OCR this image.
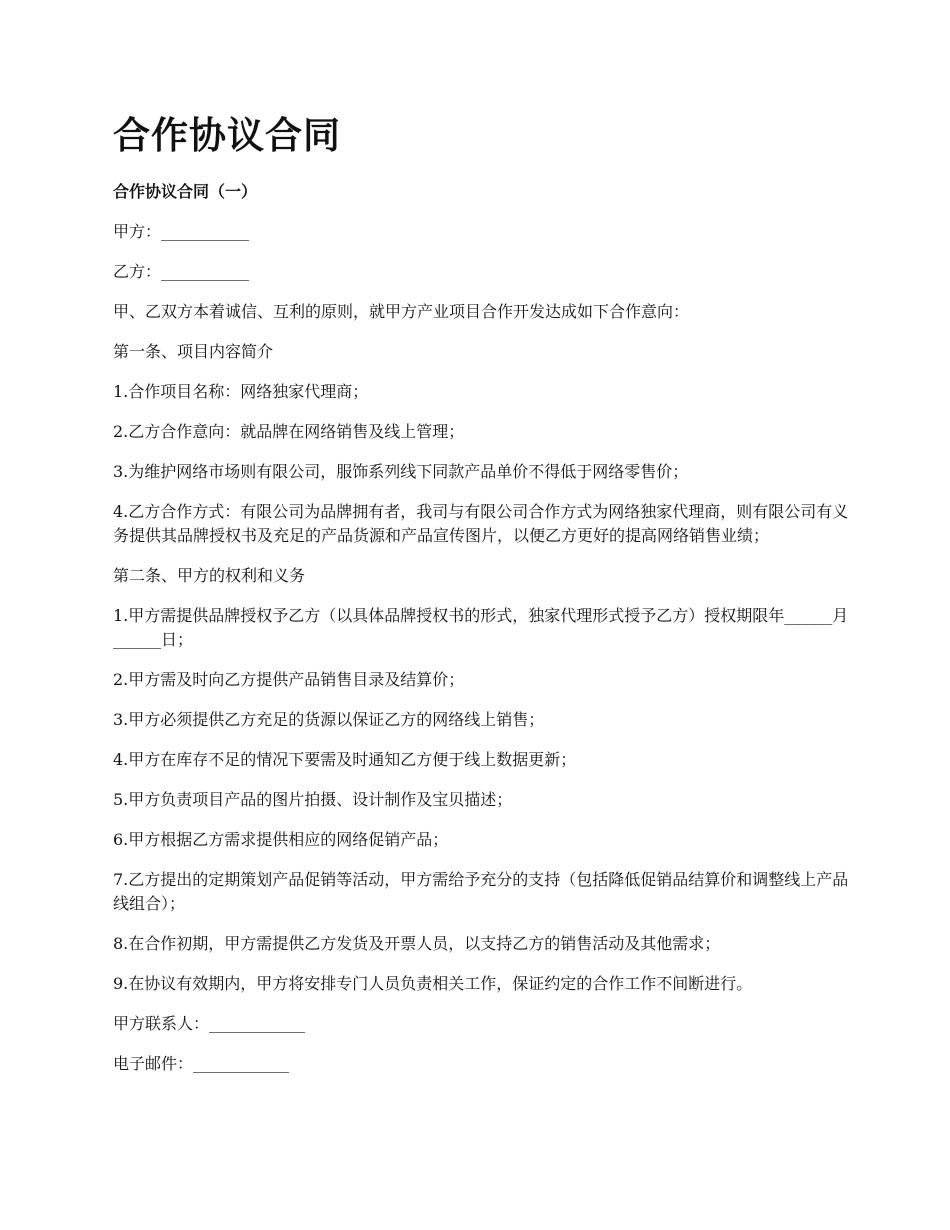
合作协议合同
合作协议合同（一）

甲方：___________

乙方：___________

甲、乙双方本着诚信、互利的原则，就甲方产业项目合作开发达成如下合作意向：

第一条、项目内容简介

1.合作项目名称：网络独家代理商；

2.乙方合作意向：就品牌在网络销售及线上管理；

3.为维护网络市场则有限公司，服饰系列线下同款产品单价不得低于网络零售价；

4.乙方合作方式：有限公司为品牌拥有者，我司与有限公司合作方式为网络独家代理商，则有限公司有义务提供其品牌授权书及充足的产品货源和产品宣传图片，以便乙方更好的提高网络销售业绩；

第二条、甲方的权利和义务

1.甲方需提供品牌授权予乙方（以具体品牌授权书的形式，独家代理形式授予乙方）授权期限年______月______日；

2.甲方需及时向乙方提供产品销售目录及结算价；

3.甲方必须提供乙方充足的货源以保证乙方的网络线上销售；

4.甲方在库存不足的情况下要需及时通知乙方便于线上数据更新；

5.甲方负责项目产品的图片拍摄、设计制作及宝贝描述；

6.甲方根据乙方需求提供相应的网络促销产品；

7.乙方提出的定期策划产品促销等活动，甲方需给予充分的支持（包括降低促销品结算价和调整线上产品线组合）；

8.在合作初期，甲方需提供乙方发货及开票人员，以支持乙方的销售活动及其他需求；

9.在协议有效期内，甲方将安排专门人员负责相关工作，保证约定的合作工作不间断进行。

甲方联系人：____________

电子邮件：____________
